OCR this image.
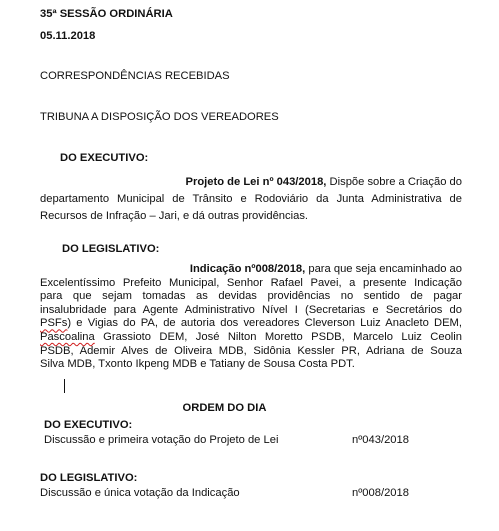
35ª SESSÃO ORDINÁRIA
05.11.2018
CORRESPONDÊNCIAS RECEBIDAS
TRIBUNA A DISPOSIÇÃO DOS VEREADORES
DO EXECUTIVO:
Projeto de Lei nº 043/2018, Dispõe sobre a Criação do
departamento Municipal de Trânsito e Rodoviário da Junta Administrativa de
Recursos de Infração – Jari, e dá outras providências.
DO LEGISLATIVO:
Indicação nº008/2018, para que seja encaminhado ao
Excelentíssimo Prefeito Municipal, Senhor Rafael Pavei, a presente Indicação
para que sejam tomadas as devidas providências no sentido de pagar
insalubridade para Agente Administrativo Nível I (Secretarias e Secretários do
PSFs) e Vigias do PA, de autoria dos vereadores Cleverson Luiz Anacleto DEM,
Pascoalina Grassioto DEM, José Nilton Moretto PSDB, Marcelo Luiz Ceolin
PSDB, Ademir Alves de Oliveira MDB, Sidônia Kessler PR, Adriana de Souza
Silva MDB, Txonto Ikpeng MDB e Tatiany de Sousa Costa PDT.
ORDEM DO DIA
DO EXECUTIVO:
Discussão e primeira votação do Projeto de Lei	nº043/2018
DO LEGISLATIVO:
Discussão e única votação da Indicação	nº008/2018
